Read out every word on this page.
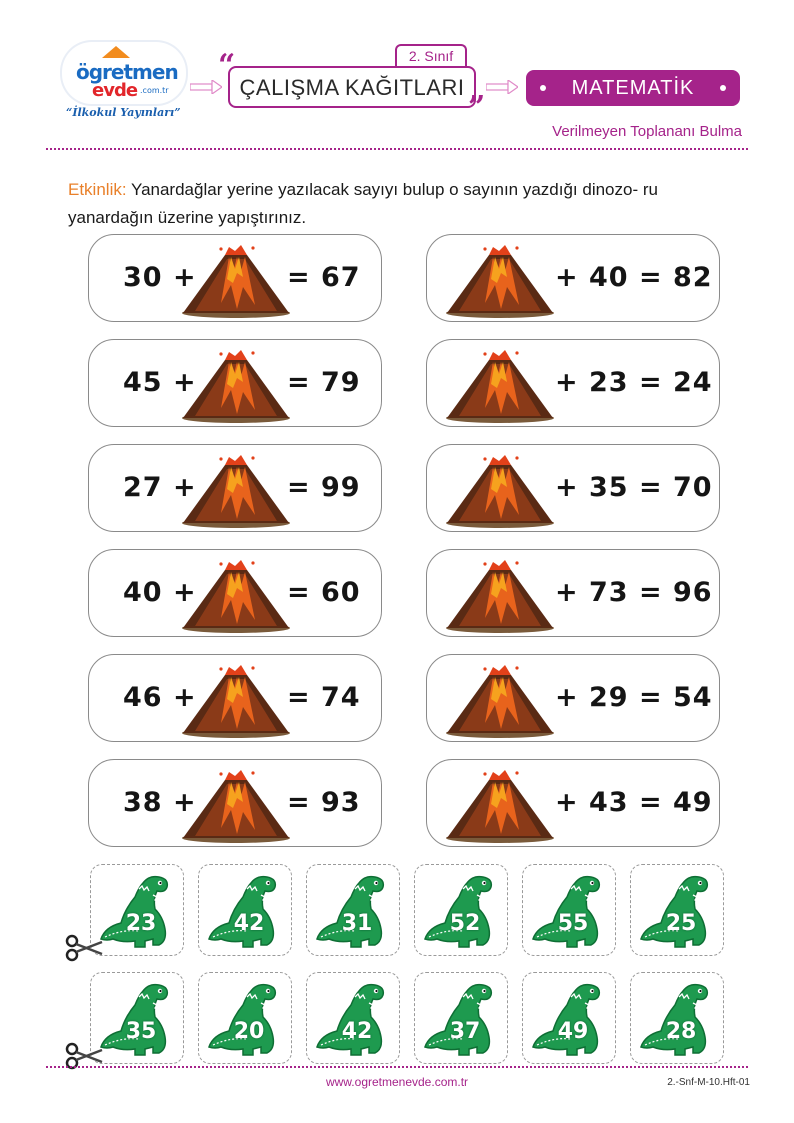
ögretmen
evde .com.tr
“İlkokul Yayınları”
2. Sınıf
ÇALIŞMA KAĞITLARI
“
”
MATEMATİK
Verilmeyen Toplananı Bulma
Etkinlik: Yanardağlar yerine yazılacak sayıyı bulup o sayının yazdığı dinozo- ru yanardağın üzerine yapıştırınız.
30 +	= 67
45 +	= 79
27 +	= 99
40 +	= 60
46 +	= 74
38 +	= 93
+ 40 = 82
+ 23 = 24
+ 35 = 70
+ 73 = 96
+ 29 = 54
+ 43 = 49
23	42	31	52	55	25
35	20	42	37	49	28
www.ogretmenevde.com.tr	2.-Snf-M-10.Hft-01
